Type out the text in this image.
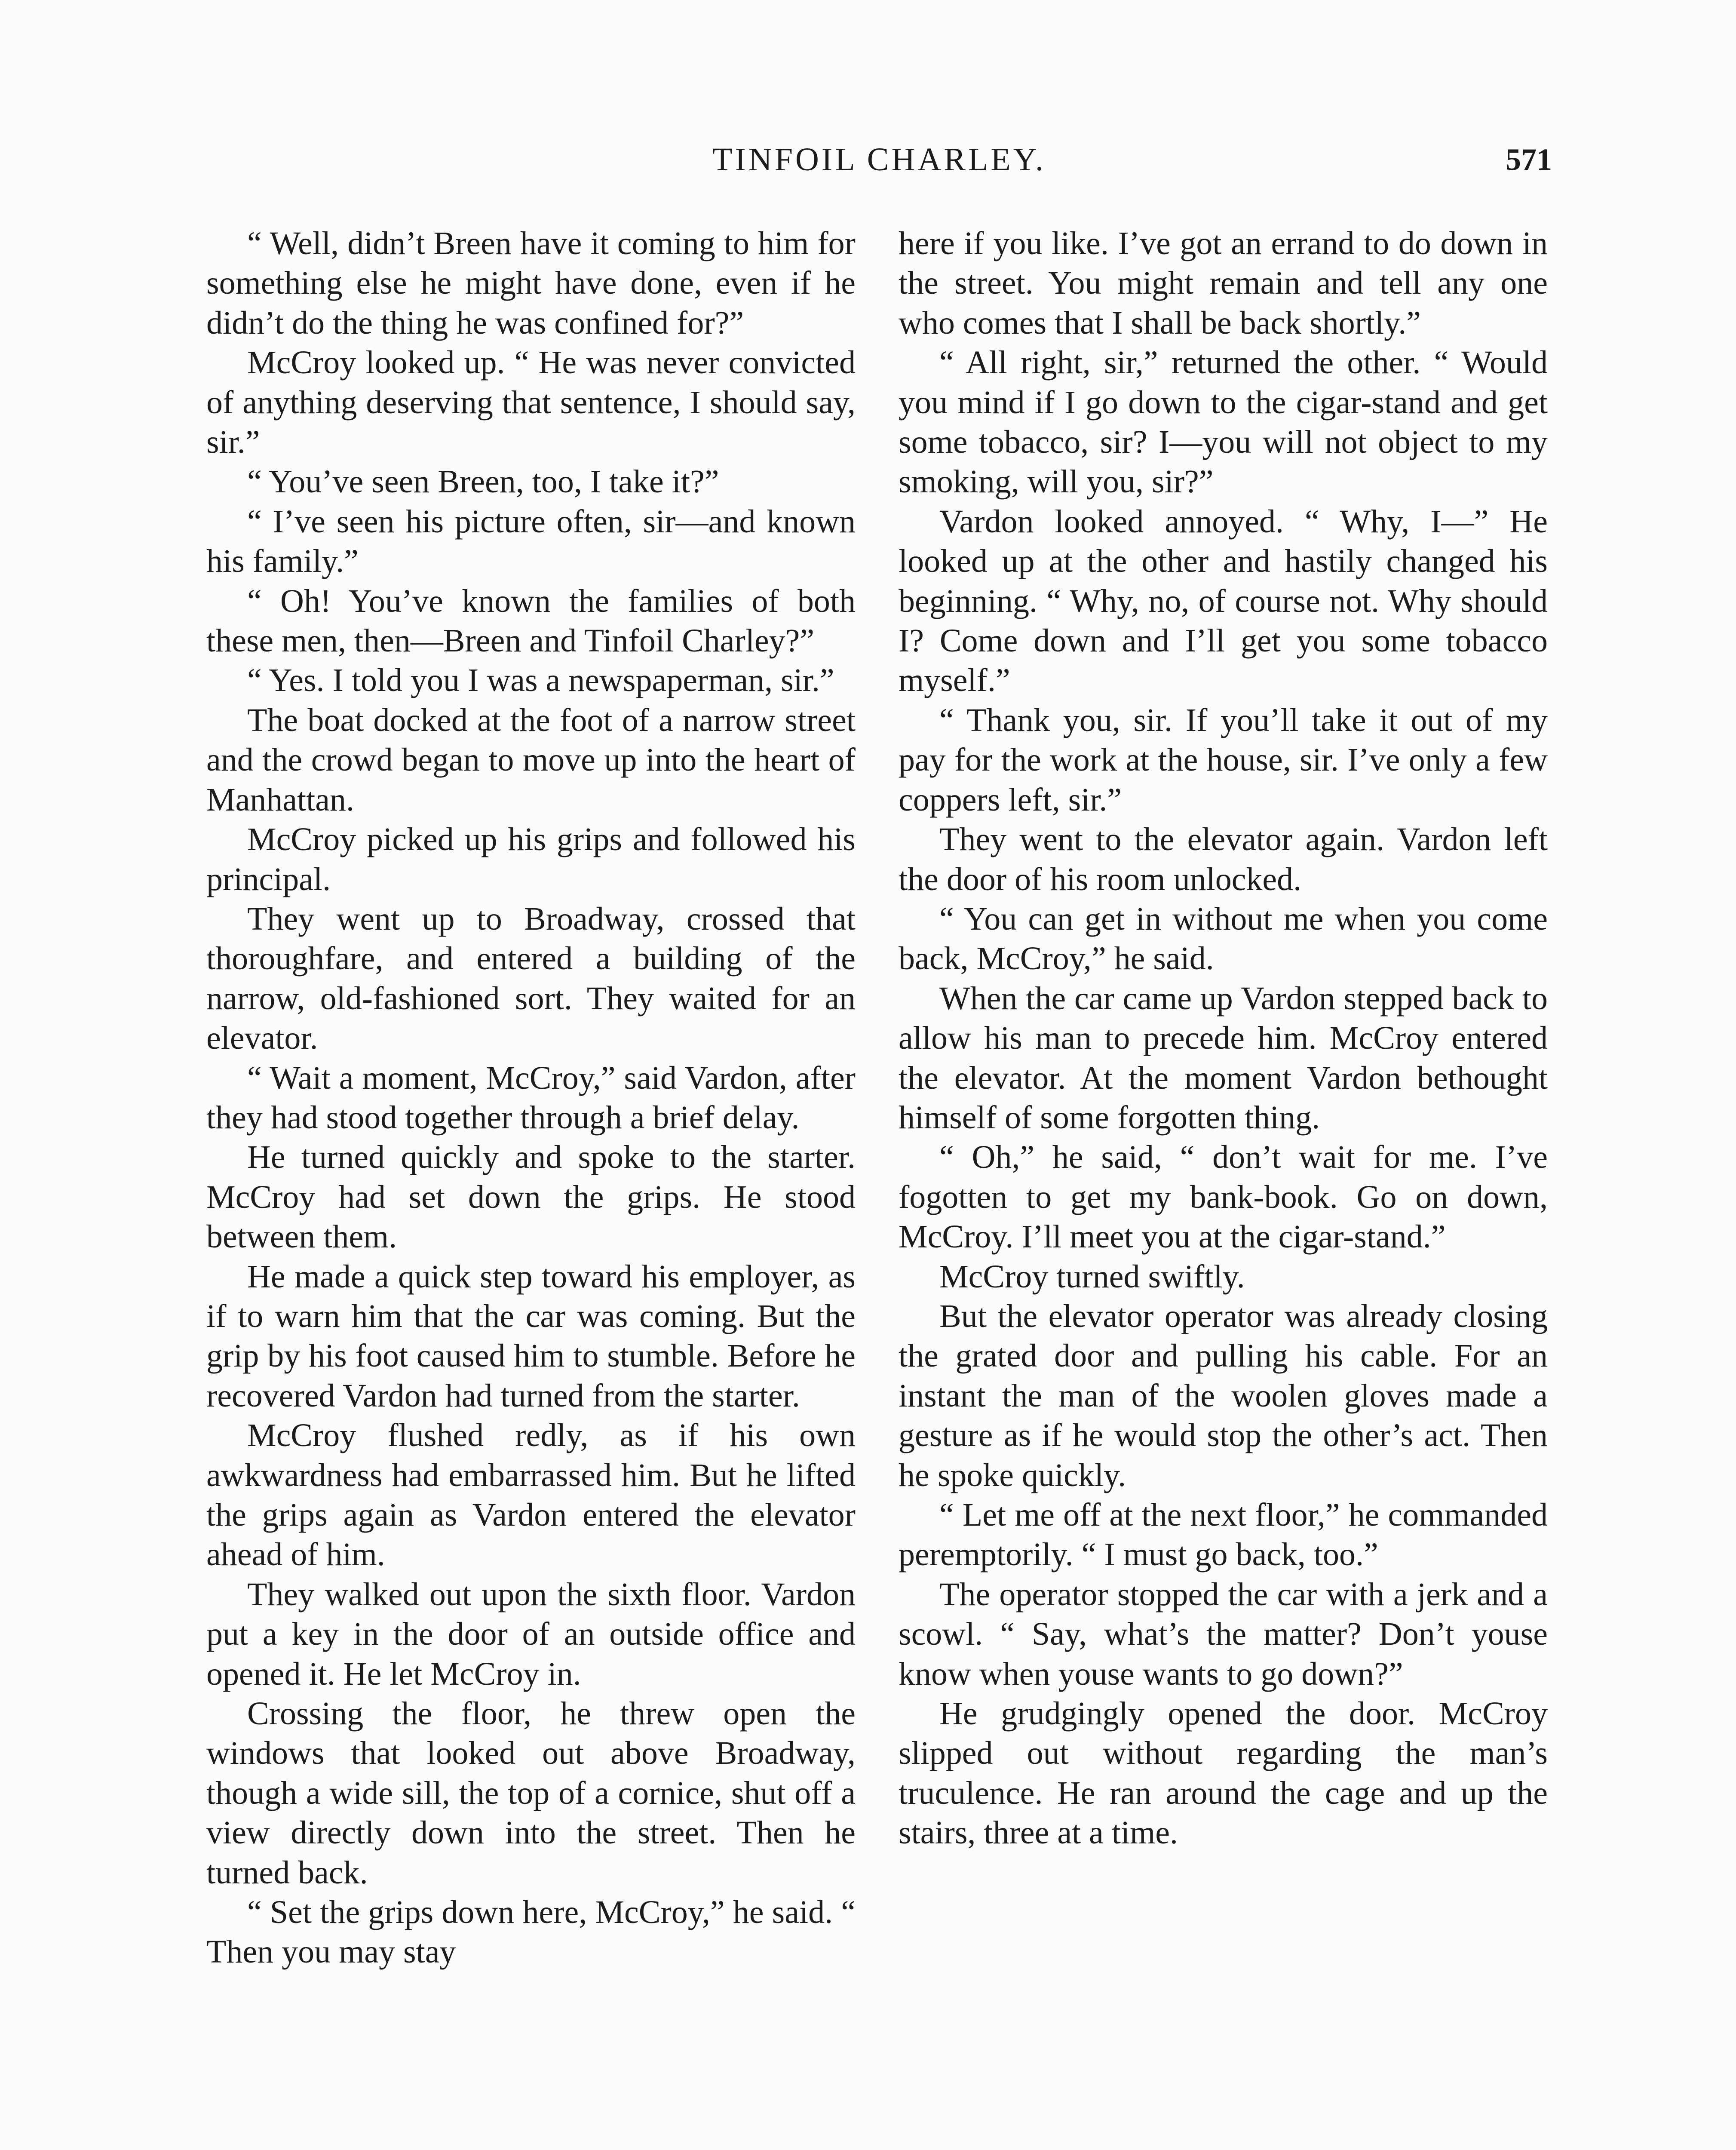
TINFOIL CHARLEY.	571

“ Well, didn’t Breen have it coming to him for something else he might have done, even if he didn’t do the thing he was confined for?”

McCroy looked up. “ He was never convicted of anything deserving that sentence, I should say, sir.”

“ You’ve seen Breen, too, I take it?”

“ I’ve seen his picture often, sir—and known his family.”

“ Oh! You’ve known the families of both these men, then—Breen and Tinfoil Charley?”

“ Yes. I told you I was a newspaperman, sir.”

The boat docked at the foot of a narrow street and the crowd began to move up into the heart of Manhattan.

McCroy picked up his grips and followed his principal.

They went up to Broadway, crossed that thoroughfare, and entered a building of the narrow, old-fashioned sort. They waited for an elevator.

“ Wait a moment, McCroy,” said Vardon, after they had stood together through a brief delay.

He turned quickly and spoke to the starter. McCroy had set down the grips. He stood between them.

He made a quick step toward his employer, as if to warn him that the car was coming. But the grip by his foot caused him to stumble. Before he recovered Vardon had turned from the starter.

McCroy flushed redly, as if his own awkwardness had embarrassed him. But he lifted the grips again as Vardon entered the elevator ahead of him.

They walked out upon the sixth floor. Vardon put a key in the door of an outside office and opened it. He let McCroy in.

Crossing the floor, he threw open the windows that looked out above Broadway, though a wide sill, the top of a cornice, shut off a view directly down into the street. Then he turned back.

“ Set the grips down here, McCroy,” he said. “ Then you may stay

here if you like. I’ve got an errand to do down in the street. You might remain and tell any one who comes that I shall be back shortly.”

“ All right, sir,” returned the other. “ Would you mind if I go down to the cigar-stand and get some tobacco, sir? I—you will not object to my smoking, will you, sir?”

Vardon looked annoyed. “ Why, I—” He looked up at the other and hastily changed his beginning. “ Why, no, of course not. Why should I? Come down and I’ll get you some tobacco myself.”

“ Thank you, sir. If you’ll take it out of my pay for the work at the house, sir. I’ve only a few coppers left, sir.”

They went to the elevator again. Vardon left the door of his room unlocked.

“ You can get in without me when you come back, McCroy,” he said.

When the car came up Vardon stepped back to allow his man to precede him. McCroy entered the elevator. At the moment Vardon bethought himself of some forgotten thing.

“ Oh,” he said, “ don’t wait for me. I’ve fogotten to get my bank-book. Go on down, McCroy. I’ll meet you at the cigar-stand.”

McCroy turned swiftly.

But the elevator operator was already closing the grated door and pulling his cable. For an instant the man of the woolen gloves made a gesture as if he would stop the other’s act. Then he spoke quickly.

“ Let me off at the next floor,” he commanded peremptorily. “ I must go back, too.”

The operator stopped the car with a jerk and a scowl. “ Say, what’s the matter? Don’t youse know when youse wants to go down?”

He grudgingly opened the door. McCroy slipped out without regarding the man’s truculence. He ran around the cage and up the stairs, three at a time.
